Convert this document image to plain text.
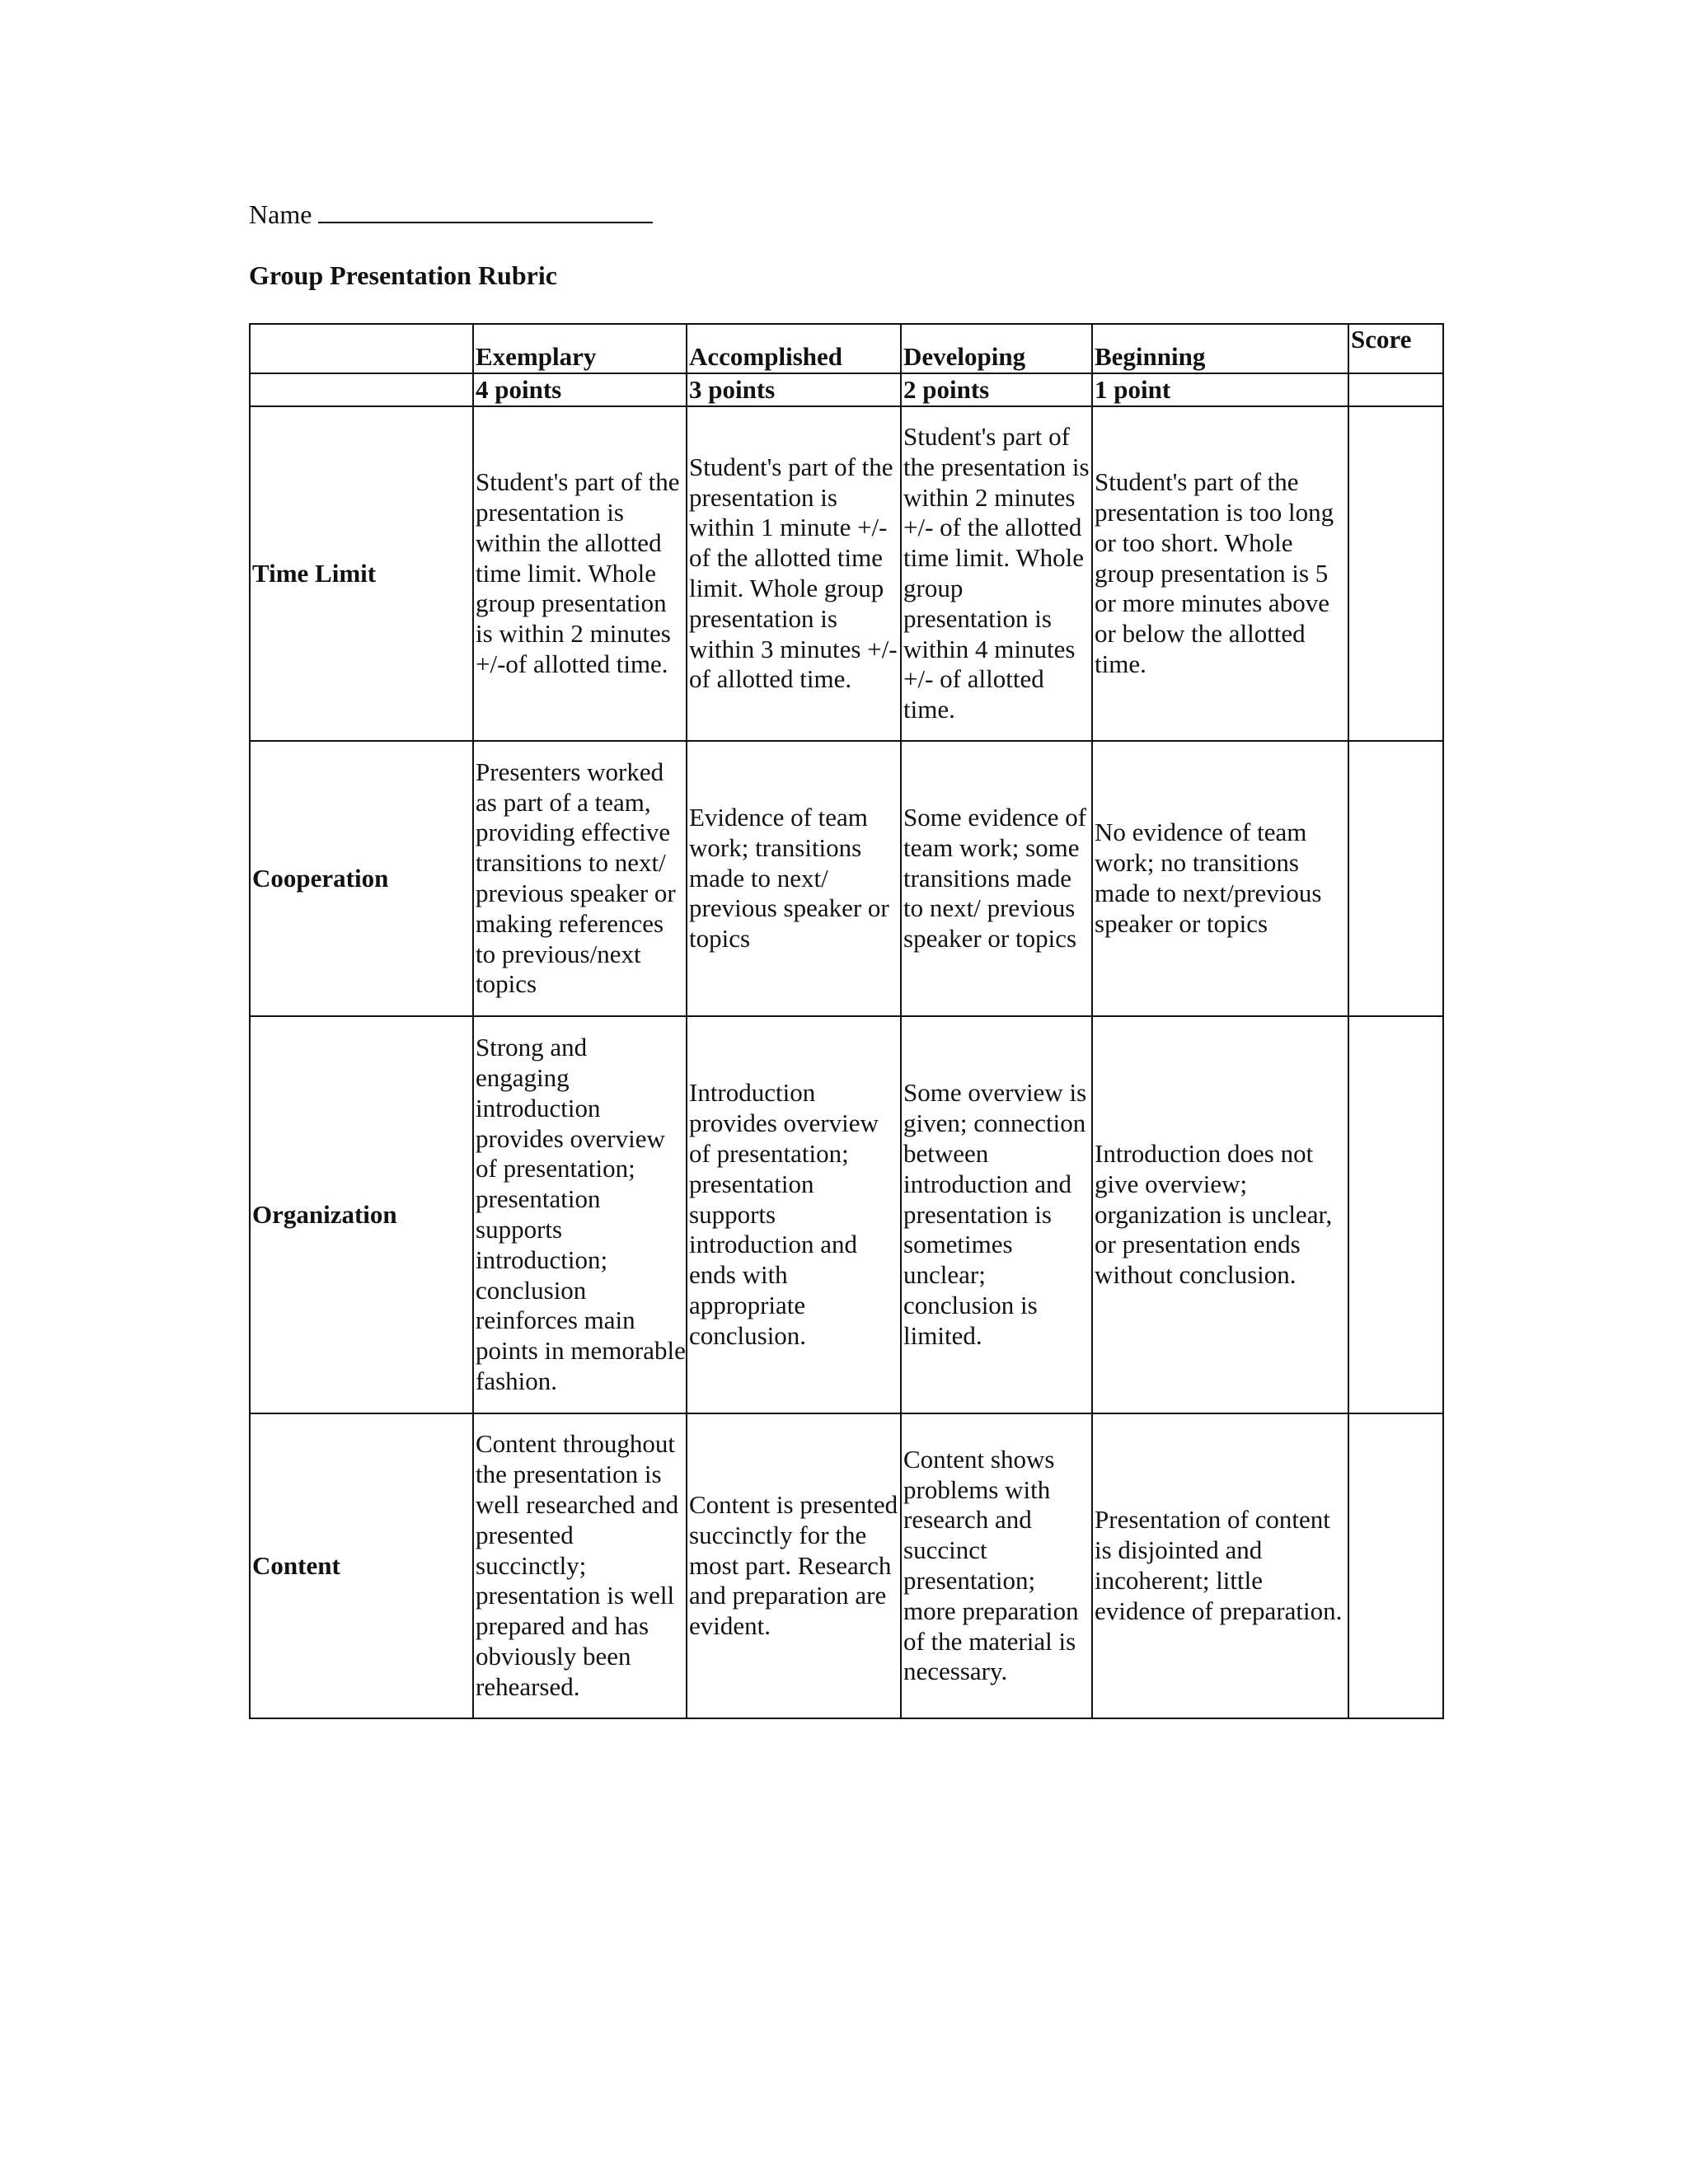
Name
Group Presentation Rubric
	Exemplary	Accomplished	Developing	Beginning	Score
	4 points	3 points	2 points	1 point	
Time Limit	Student's part of the presentation is within the allotted time limit. Whole group presentation is within 2 minutes +/-of allotted time.	Student's part of the presentation is within 1 minute +/- of the allotted time limit. Whole group presentation is within 3 minutes +/- of allotted time.	Student's part of the presentation is within 2 minutes +/- of the allotted time limit. Whole group presentation is within 4 minutes +/- of allotted time.	Student's part of the presentation is too long or too short. Whole group presentation is 5 or more minutes above or below the allotted time.	
Cooperation	Presenters worked as part of a team, providing effective transitions to next/ previous speaker or making references to previous/next topics	Evidence of team work; transitions made to next/ previous speaker or topics	Some evidence of team work; some transitions made to next/ previous speaker or topics	No evidence of team work; no transitions made to next/previous speaker or topics	
Organization	Strong and engaging introduction provides overview of presentation; presentation supports introduction; conclusion reinforces main points in memorable fashion.	Introduction provides overview of presentation; presentation supports introduction and ends with appropriate conclusion.	Some overview is given; connection between introduction and presentation is sometimes unclear; conclusion is limited.	Introduction does not give overview; organization is unclear, or presentation ends without conclusion.	
Content	Content throughout the presentation is well researched and presented succinctly; presentation is well prepared and has obviously been rehearsed.	Content is presented succinctly for the most part. Research and preparation are evident.	Content shows problems with research and succinct presentation; more preparation of the material is necessary.	Presentation of content is disjointed and incoherent; little evidence of preparation.	
